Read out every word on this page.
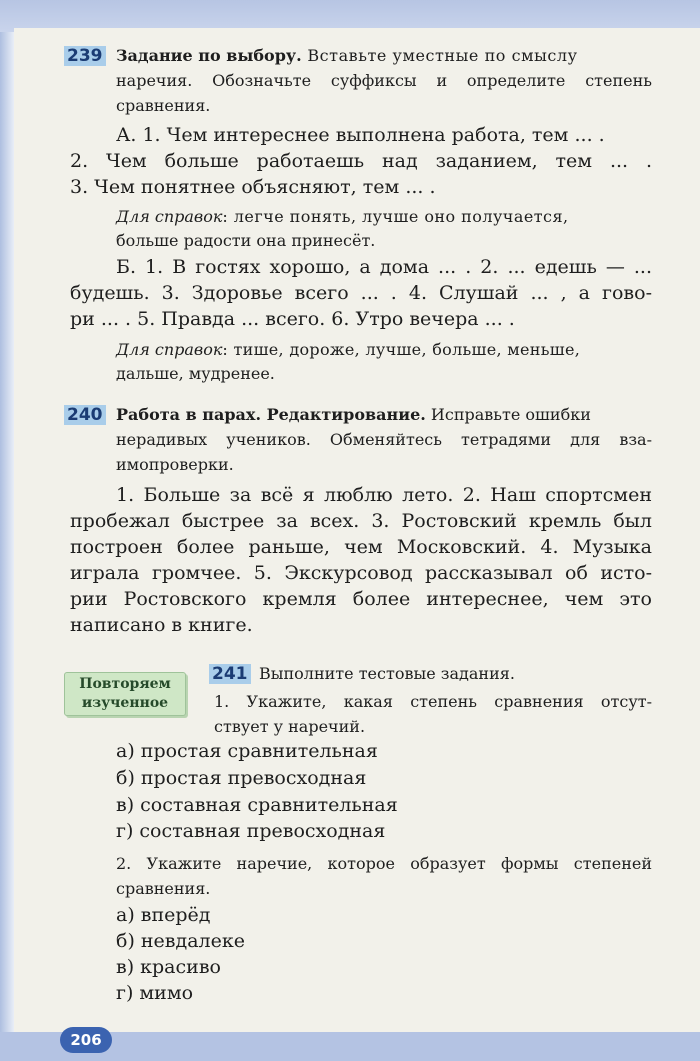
239 Задание по выбору. Вставьте уместные по смыслу
наречия. Обозначьте суффиксы и определите степень
сравнения.
А. 1. Чем интереснее выполнена работа, тем ... .
2. Чем больше работаешь над заданием, тем ... .
3. Чем понятнее объясняют, тем ... .
Для справок: легче понять, лучше оно получается,
больше радости она принесёт.
Б. 1. В гостях хорошо, а дома ... . 2. ... едешь — ...
будешь. 3. Здоровье всего ... . 4. Слушай ... , а гово-
ри ... . 5. Правда ... всего. 6. Утро вечера ... .
Для справок: тише, дороже, лучше, больше, меньше,
дальше, мудренее.
240 Работа в парах. Редактирование. Исправьте ошибки
нерадивых учеников. Обменяйтесь тетрадями для вза-
имопроверки.
1. Больше за всё я люблю лето. 2. Наш спортсмен
пробежал быстрее за всех. 3. Ростовский кремль был
построен более раньше, чем Московский. 4. Музыка
играла громчее. 5. Экскурсовод рассказывал об исто-
рии Ростовского кремля более интереснее, чем это
написано в книге.
Повторяем
изученное
241 Выполните тестовые задания.
1. Укажите, какая степень сравнения отсут-
ствует у наречий.
а) простая сравнительная
б) простая превосходная
в) составная сравнительная
г) составная превосходная
2. Укажите наречие, которое образует формы степеней
сравнения.
а) вперёд
б) невдалеке
в) красиво
г) мимо
206
